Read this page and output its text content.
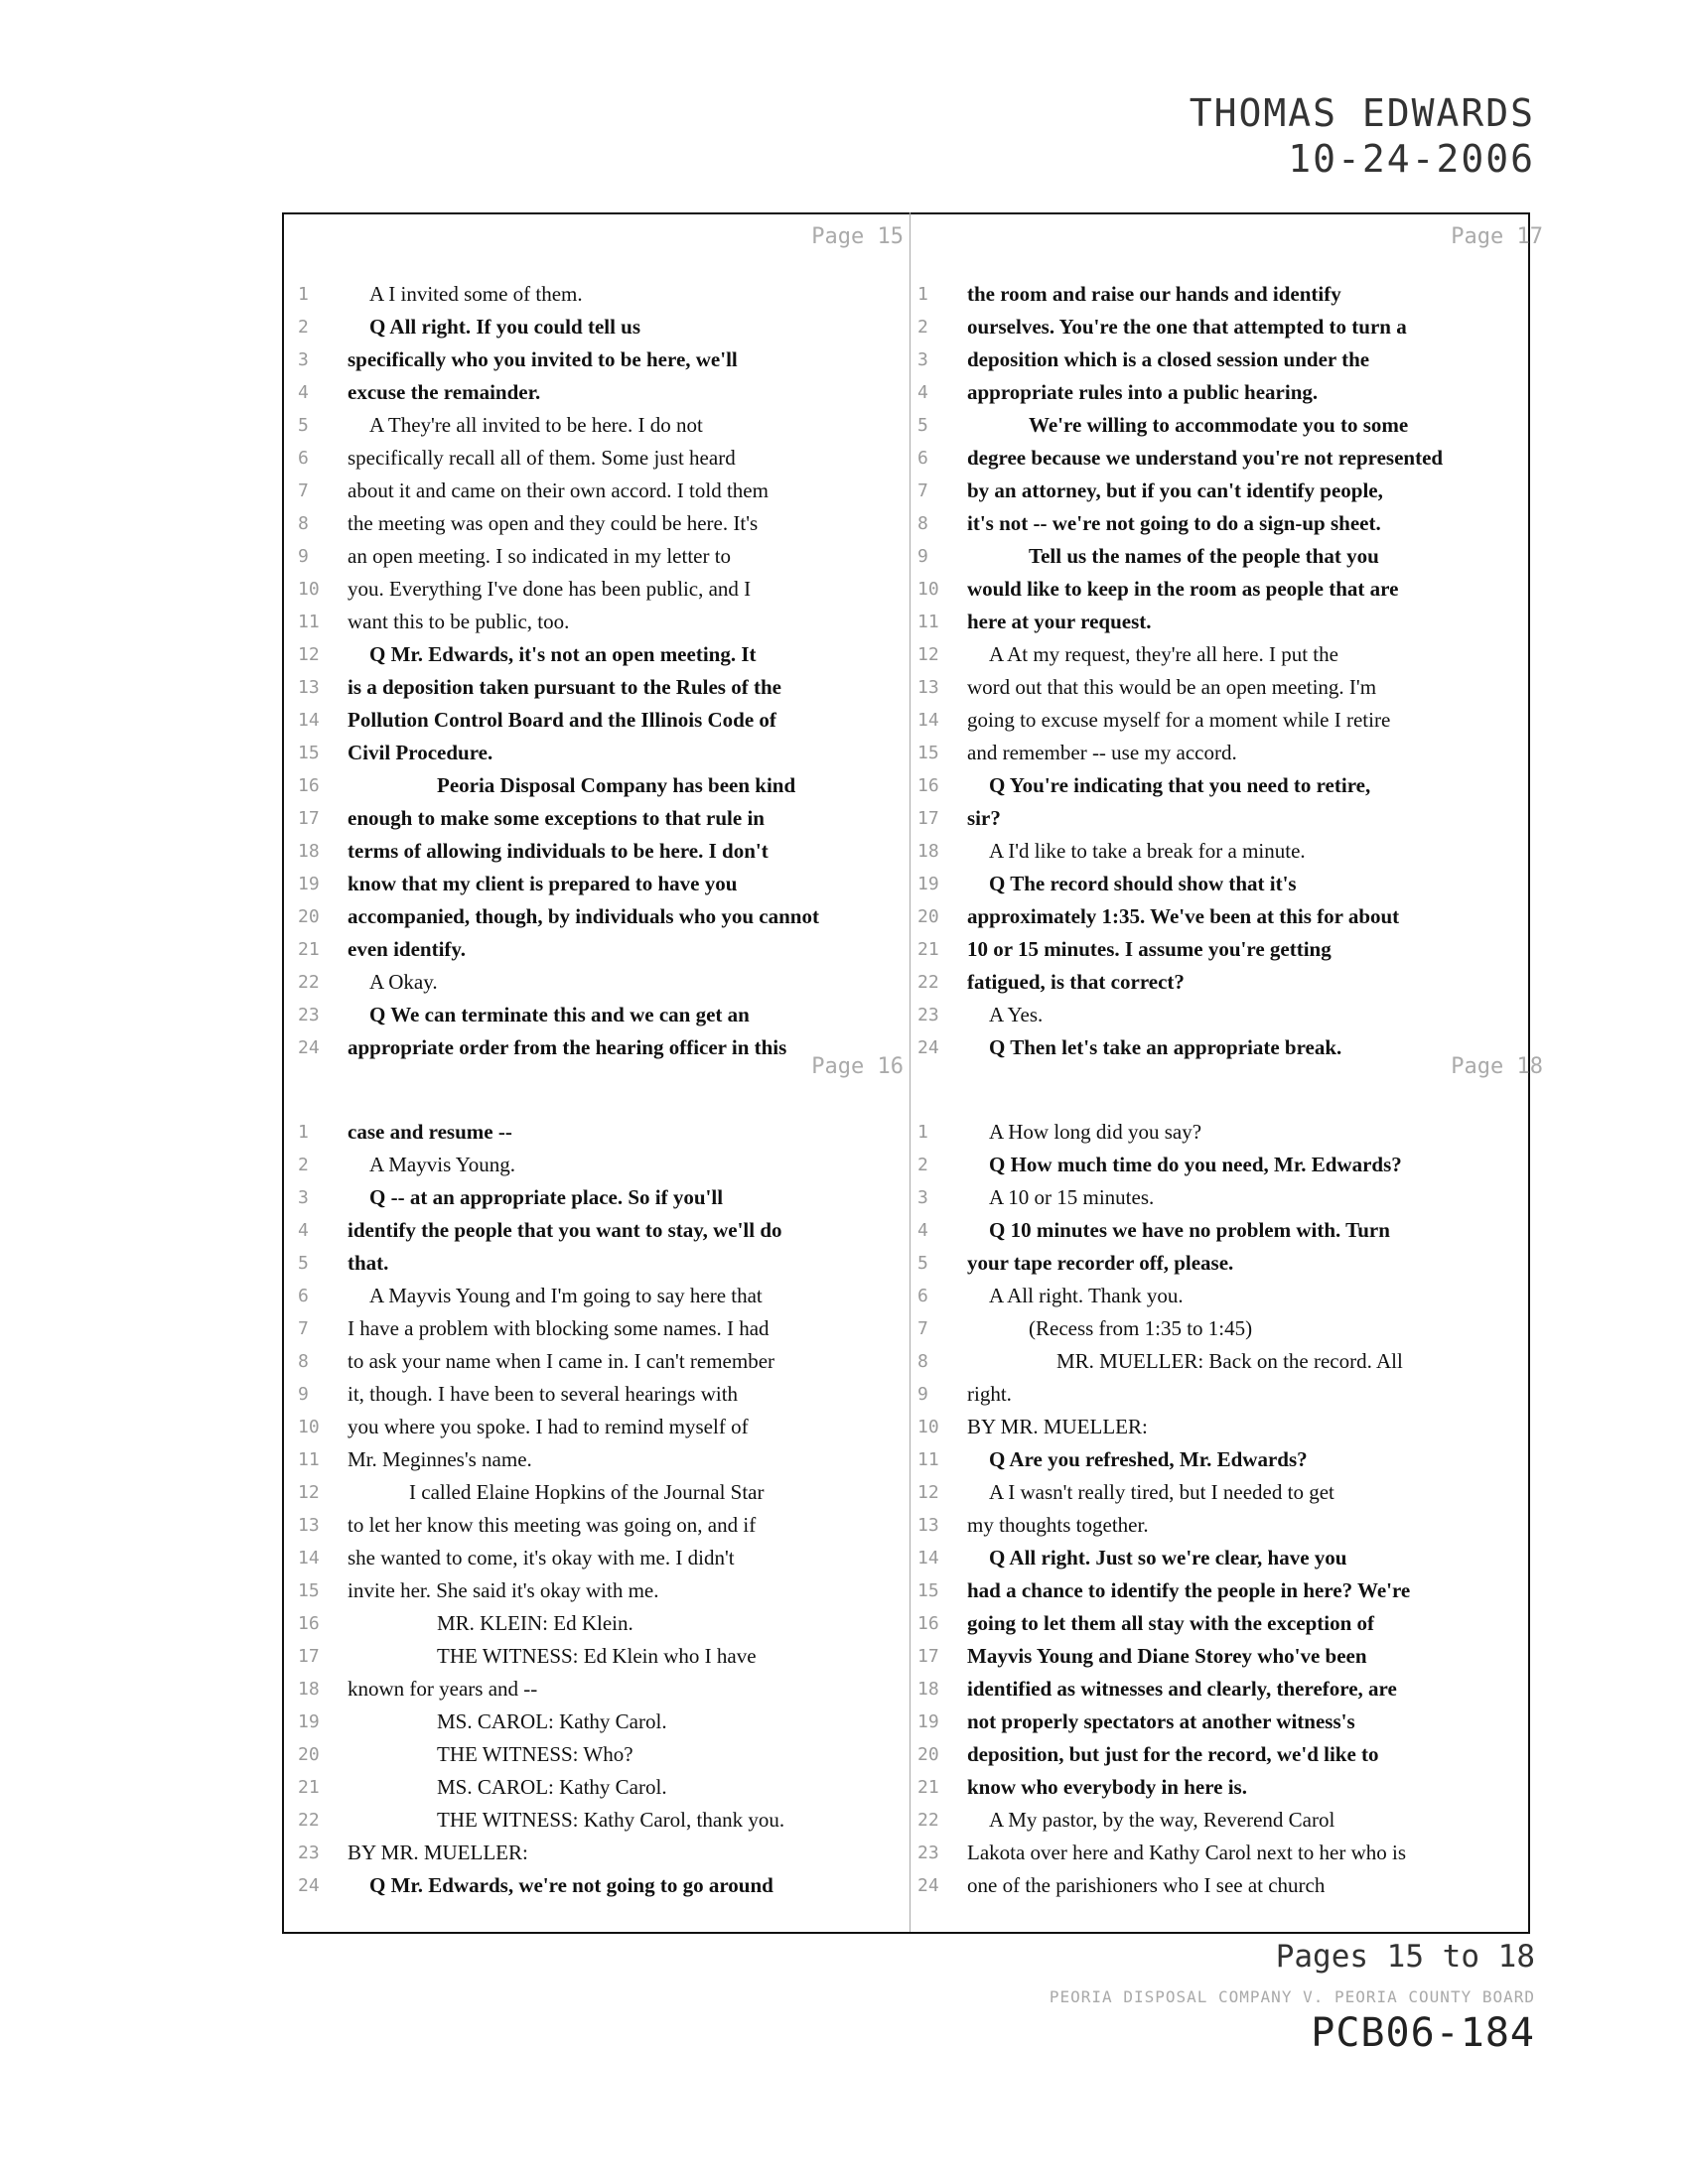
THOMAS EDWARDS
10-24-2006
Page 15
1	A I invited some of them.
2	Q All right. If you could tell us
3	specifically who you invited to be here, we'll
4	excuse the remainder.
5	A They're all invited to be here. I do not
6	specifically recall all of them. Some just heard
7	about it and came on their own accord. I told them
8	the meeting was open and they could be here. It's
9	an open meeting. I so indicated in my letter to
10	you. Everything I've done has been public, and I
11	want this to be public, too.
12	Q Mr. Edwards, it's not an open meeting. It
13	is a deposition taken pursuant to the Rules of the
14	Pollution Control Board and the Illinois Code of
15	Civil Procedure.
16	Peoria Disposal Company has been kind
17	enough to make some exceptions to that rule in
18	terms of allowing individuals to be here. I don't
19	know that my client is prepared to have you
20	accompanied, though, by individuals who you cannot
21	even identify.
22	A Okay.
23	Q We can terminate this and we can get an
24	appropriate order from the hearing officer in this
Page 17
1	the room and raise our hands and identify
2	ourselves. You're the one that attempted to turn a
3	deposition which is a closed session under the
4	appropriate rules into a public hearing.
5	We're willing to accommodate you to some
6	degree because we understand you're not represented
7	by an attorney, but if you can't identify people,
8	it's not -- we're not going to do a sign-up sheet.
9	Tell us the names of the people that you
10	would like to keep in the room as people that are
11	here at your request.
12	A At my request, they're all here. I put the
13	word out that this would be an open meeting. I'm
14	going to excuse myself for a moment while I retire
15	and remember -- use my accord.
16	Q You're indicating that you need to retire,
17	sir?
18	A I'd like to take a break for a minute.
19	Q The record should show that it's
20	approximately 1:35. We've been at this for about
21	10 or 15 minutes. I assume you're getting
22	fatigued, is that correct?
23	A Yes.
24	Q Then let's take an appropriate break.
Page 16
1	case and resume --
2	A Mayvis Young.
3	Q -- at an appropriate place. So if you'll
4	identify the people that you want to stay, we'll do
5	that.
6	A Mayvis Young and I'm going to say here that
7	I have a problem with blocking some names. I had
8	to ask your name when I came in. I can't remember
9	it, though. I have been to several hearings with
10	you where you spoke. I had to remind myself of
11	Mr. Meginnes's name.
12	I called Elaine Hopkins of the Journal Star
13	to let her know this meeting was going on, and if
14	she wanted to come, it's okay with me. I didn't
15	invite her. She said it's okay with me.
16	MR. KLEIN: Ed Klein.
17	THE WITNESS: Ed Klein who I have
18	known for years and --
19	MS. CAROL: Kathy Carol.
20	THE WITNESS: Who?
21	MS. CAROL: Kathy Carol.
22	THE WITNESS: Kathy Carol, thank you.
23	BY MR. MUELLER:
24	Q Mr. Edwards, we're not going to go around
Page 18
1	A How long did you say?
2	Q How much time do you need, Mr. Edwards?
3	A 10 or 15 minutes.
4	Q 10 minutes we have no problem with. Turn
5	your tape recorder off, please.
6	A All right. Thank you.
7	(Recess from 1:35 to 1:45)
8	MR. MUELLER: Back on the record. All
9	right.
10	BY MR. MUELLER:
11	Q Are you refreshed, Mr. Edwards?
12	A I wasn't really tired, but I needed to get
13	my thoughts together.
14	Q All right. Just so we're clear, have you
15	had a chance to identify the people in here? We're
16	going to let them all stay with the exception of
17	Mayvis Young and Diane Storey who've been
18	identified as witnesses and clearly, therefore, are
19	not properly spectators at another witness's
20	deposition, but just for the record, we'd like to
21	know who everybody in here is.
22	A My pastor, by the way, Reverend Carol
23	Lakota over here and Kathy Carol next to her who is
24	one of the parishioners who I see at church
Pages 15 to 18
PEORIA DISPOSAL COMPANY V. PEORIA COUNTY BOARD
PCB06-184
